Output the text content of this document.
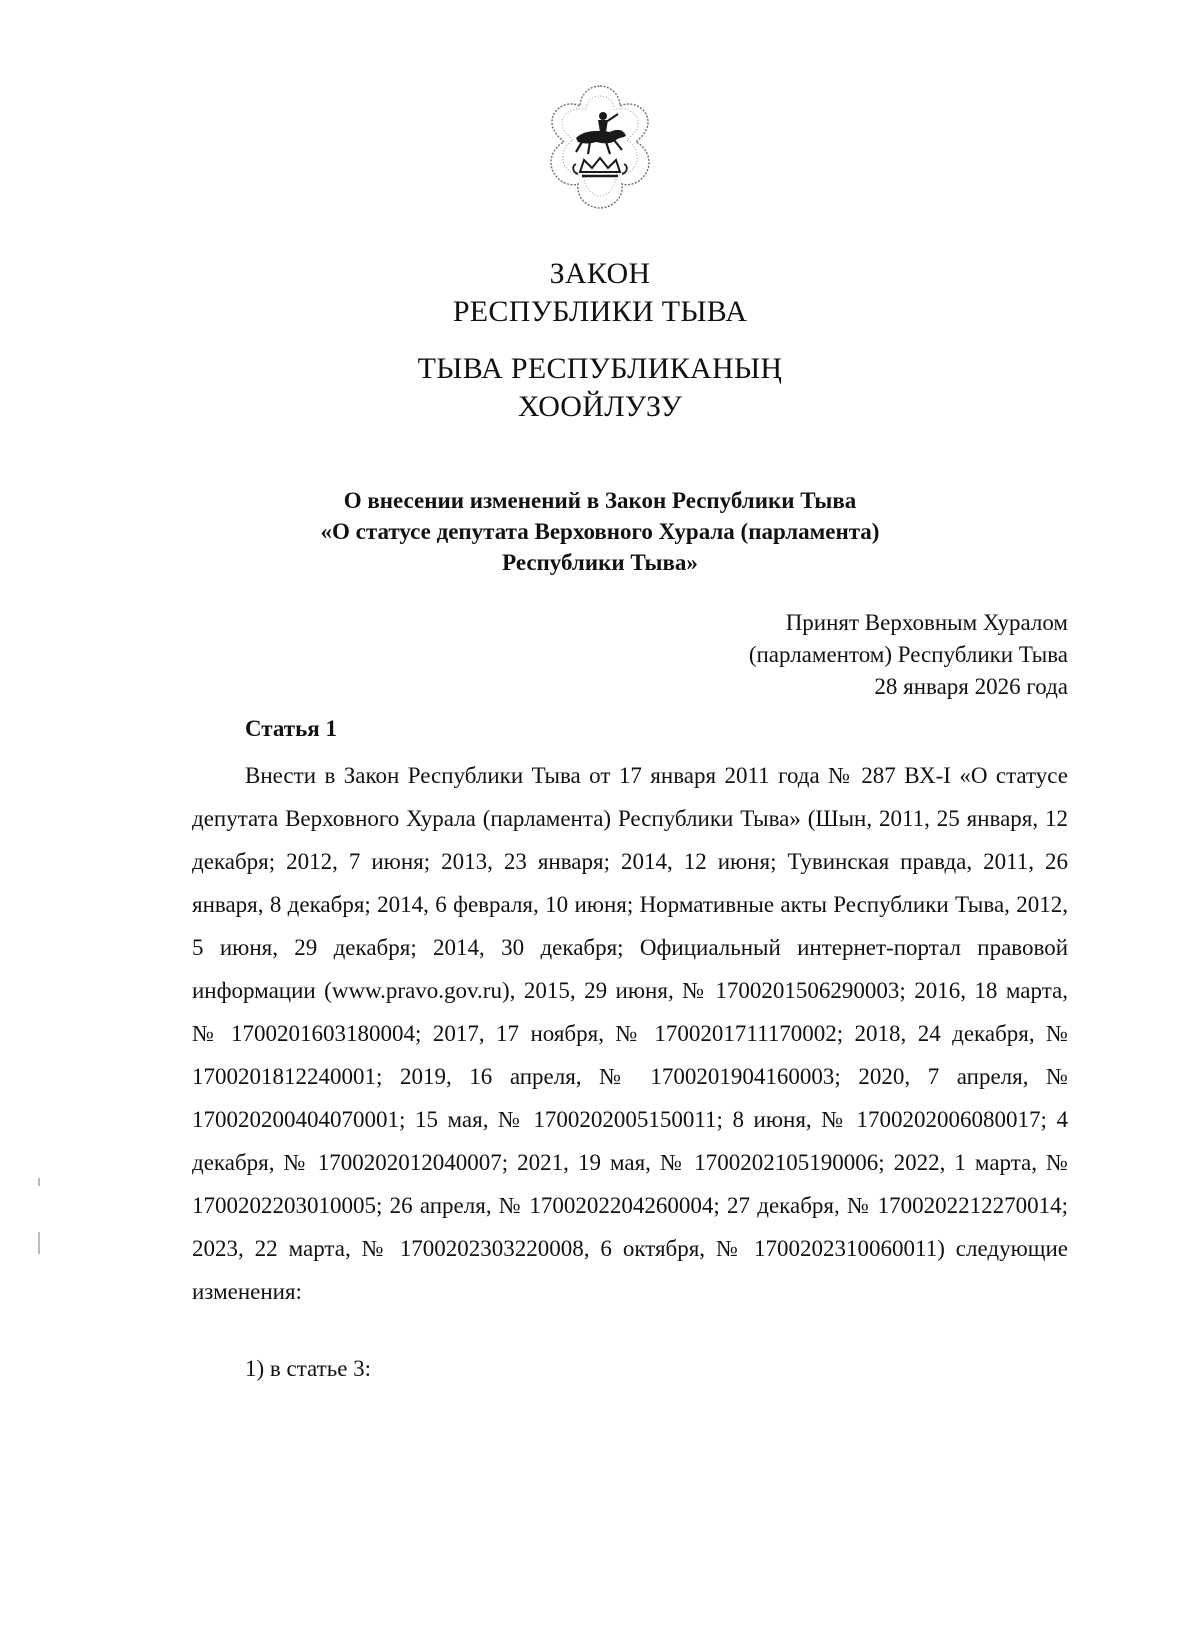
ЗАКОН
РЕСПУБЛИКИ ТЫВА
ТЫВА РЕСПУБЛИКАНЫҢ
ХООЙЛУЗУ
О внесении изменений в Закон Республики Тыва
«О статусе депутата Верховного Хурала (парламента)
Республики Тыва»
Принят Верховным Хуралом
(парламентом) Республики Тыва
28 января 2026 года
Статья 1

Внести в Закон Республики Тыва от 17 января 2011 года № 287 ВХ-I «О статусе депутата Верховного Хурала (парламента) Республики Тыва» (Шын, 2011, 25 января, 12 декабря; 2012, 7 июня; 2013, 23 января; 2014, 12 июня; Тувинская правда, 2011, 26 января, 8 декабря; 2014, 6 февраля, 10 июня; Нормативные акты Республики Тыва, 2012, 5 июня, 29 декабря; 2014, 30 декабря; Официальный интернет-портал правовой информации (www.pravo.gov.ru), 2015, 29 июня, № 1700201506290003; 2016, 18 марта, № 1700201603180004; 2017, 17 ноября, № 1700201711170002; 2018, 24 декабря, № 1700201812240001; 2019, 16 апреля, № 1700201904160003; 2020, 7 апреля, № 170020200404070001; 15 мая, № 1700202005150011; 8 июня, № 1700202006080017; 4 декабря, № 1700202012040007; 2021, 19 мая, № 1700202105190006; 2022, 1 марта, № 1700202203010005; 26 апреля, № 1700202204260004; 27 декабря, № 1700202212270014; 2023, 22 марта, № 1700202303220008, 6 октября, № 1700202310060011) следующие изменения:

1) в статье 3:
